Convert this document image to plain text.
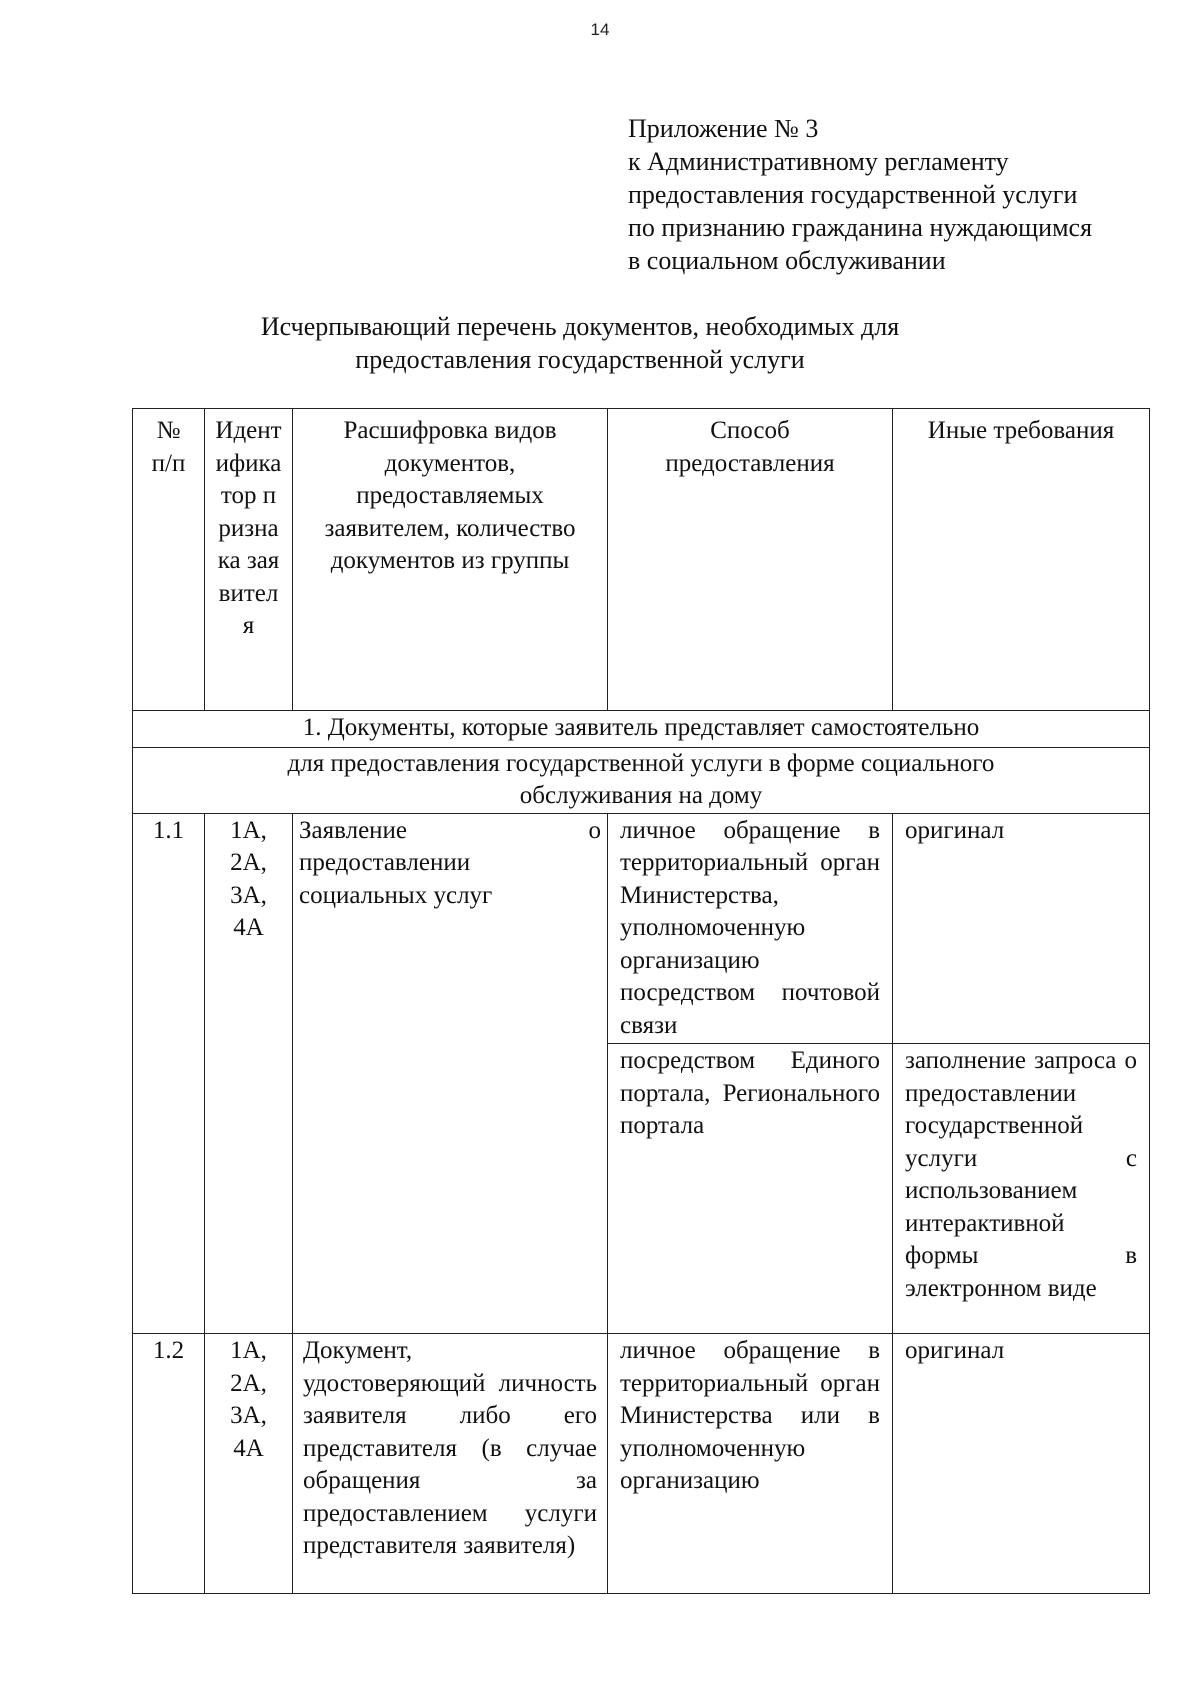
14
Приложение № 3
к Административному регламенту
предоставления государственной услуги
по признанию гражданина нуждающимся
в социальном обслуживании
Исчерпывающий перечень документов, необходимых для
предоставления государственной услуги
№ п/п	Идентификатор признака заявителя	Расшифровка видов документов, предоставляемых заявителем, количество документов из группы	Способ предоставления	Иные требования
1. Документы, которые заявитель представляет самостоятельно				
для предоставления государственной услуги в форме социального обслуживания на дому				
1.1	1А, 2А, 3А, 4А	Заявление о предоставлении социальных услуг	личное обращение в территориальный орган Министерства, уполномоченную организацию посредством почтовой связи	оригинал
			посредством Единого портала, Регионального портала	заполнение запроса о предоставлении государственной услуги с использованием интерактивной формы в электронном виде
1.2	1А, 2А, 3А, 4А	Документ, удостоверяющий личность заявителя либо его представителя (в случае обращения за предоставлением услуги представителя заявителя)	личное обращение в территориальный орган Министерства или в уполномоченную организацию	оригинал
